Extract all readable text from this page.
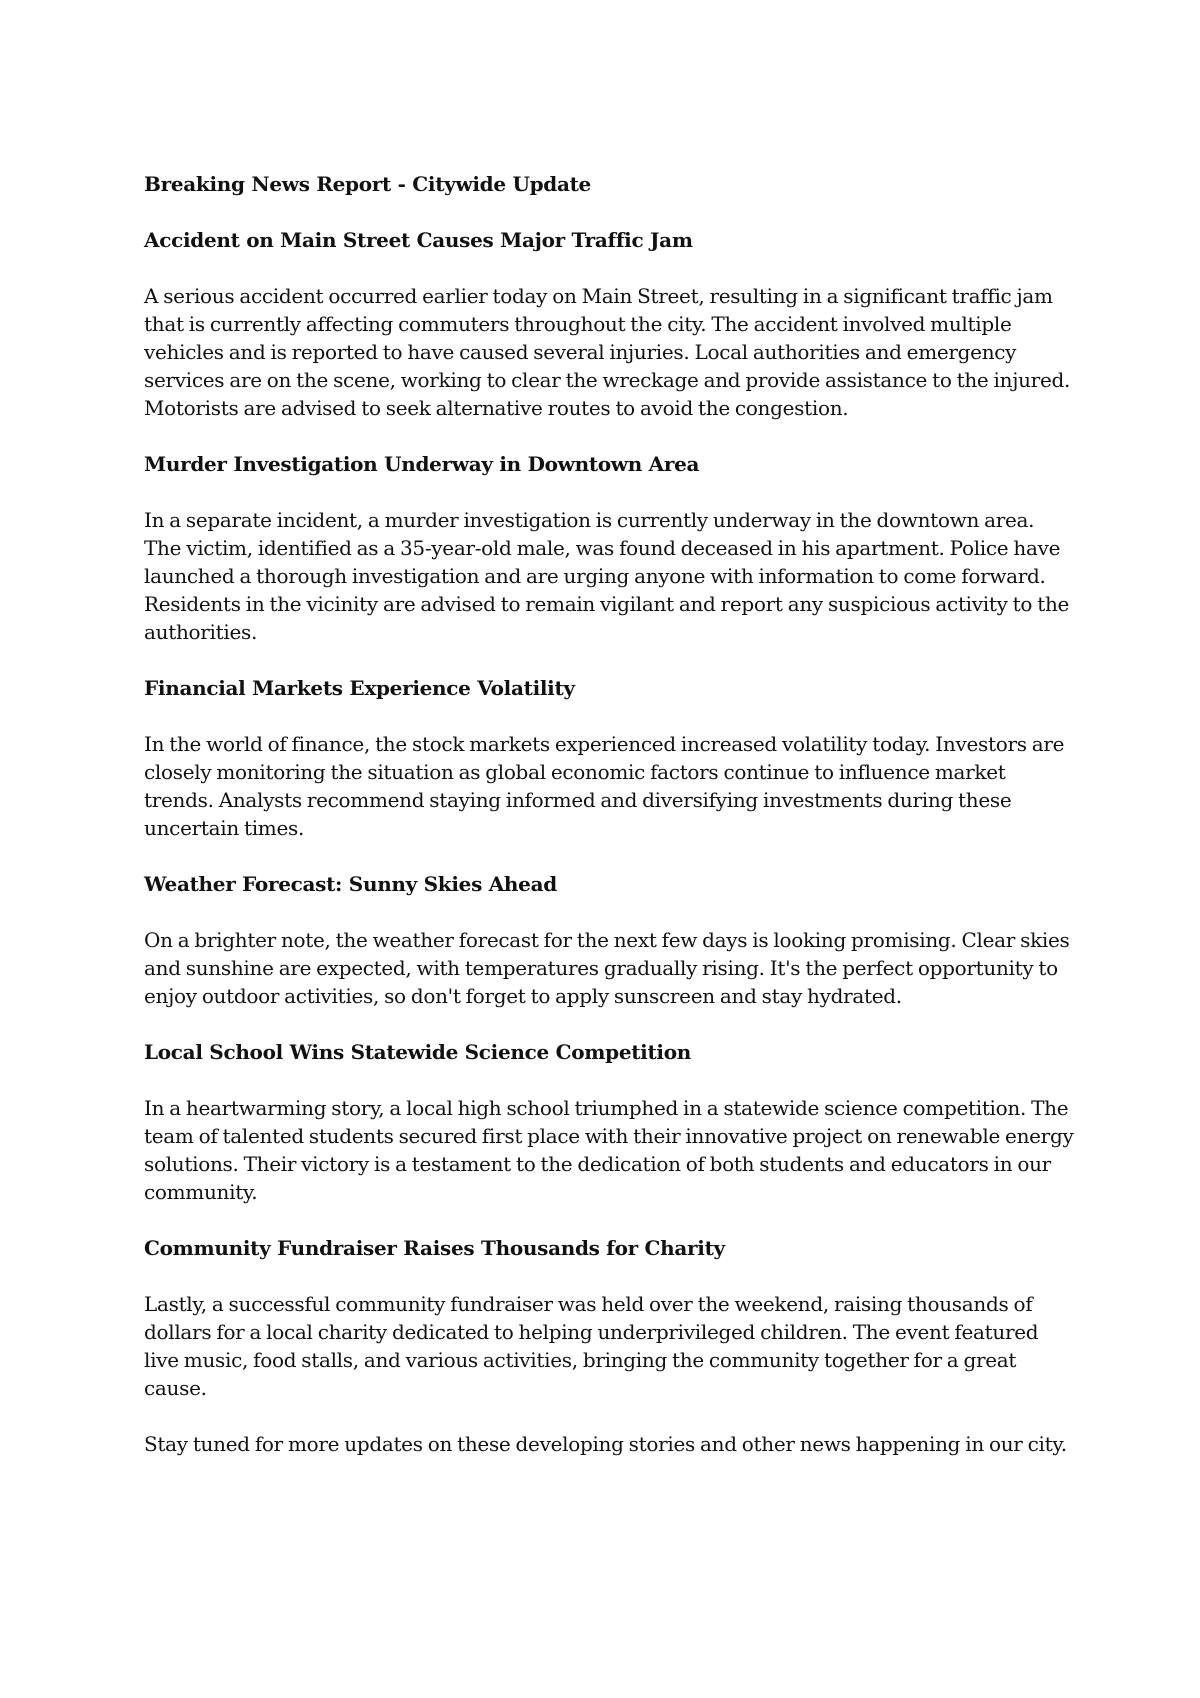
Breaking News Report - Citywide Update
Accident on Main Street Causes Major Traffic Jam
A serious accident occurred earlier today on Main Street, resulting in a significant traffic jam that is currently affecting commuters throughout the city. The accident involved multiple vehicles and is reported to have caused several injuries. Local authorities and emergency services are on the scene, working to clear the wreckage and provide assistance to the injured. Motorists are advised to seek alternative routes to avoid the congestion.
Murder Investigation Underway in Downtown Area
In a separate incident, a murder investigation is currently underway in the downtown area. The victim, identified as a 35-year-old male, was found deceased in his apartment. Police have launched a thorough investigation and are urging anyone with information to come forward. Residents in the vicinity are advised to remain vigilant and report any suspicious activity to the authorities.
Financial Markets Experience Volatility
In the world of finance, the stock markets experienced increased volatility today. Investors are closely monitoring the situation as global economic factors continue to influence market trends. Analysts recommend staying informed and diversifying investments during these uncertain times.
Weather Forecast: Sunny Skies Ahead
On a brighter note, the weather forecast for the next few days is looking promising. Clear skies and sunshine are expected, with temperatures gradually rising. It's the perfect opportunity to enjoy outdoor activities, so don't forget to apply sunscreen and stay hydrated.
Local School Wins Statewide Science Competition
In a heartwarming story, a local high school triumphed in a statewide science competition. The team of talented students secured first place with their innovative project on renewable energy solutions. Their victory is a testament to the dedication of both students and educators in our community.
Community Fundraiser Raises Thousands for Charity
Lastly, a successful community fundraiser was held over the weekend, raising thousands of dollars for a local charity dedicated to helping underprivileged children. The event featured live music, food stalls, and various activities, bringing the community together for a great cause.
Stay tuned for more updates on these developing stories and other news happening in our city.
